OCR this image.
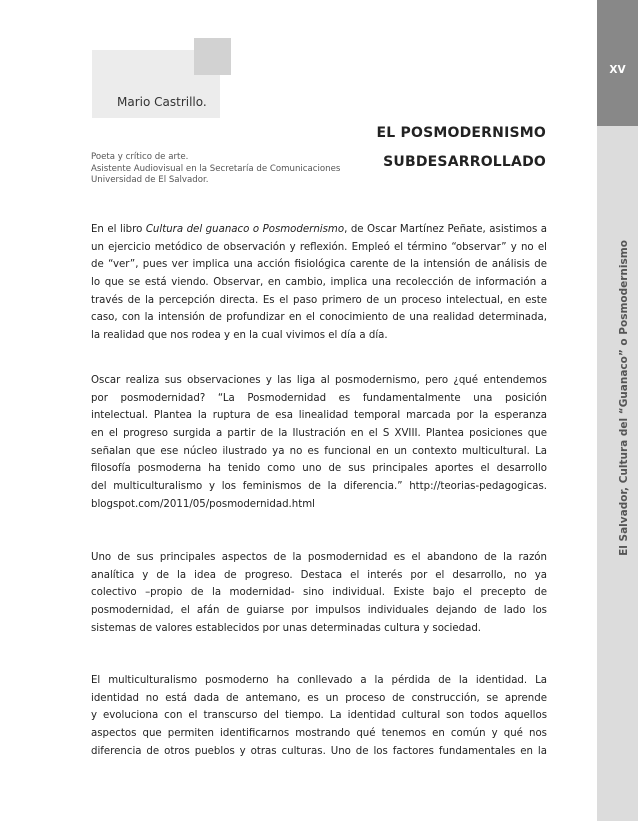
Mario Castrillo.
Poeta y crítico de arte.
Asistente Audiovisual en la Secretaría de Comunicaciones
Universidad de El Salvador.
EL POSMODERNISMO
SUBDESARROLLADO
XV
El Salvador, Cultura del “Guanaco” o Posmodernismo
En el libro Cultura del guanaco o Posmodernismo, de Oscar Martínez Peñate, asistimos a
un ejercicio metódico de observación y reflexión. Empleó el término “observar” y no el
de “ver”, pues ver implica una acción fisiológica carente de la intensión de análisis de
lo que se está viendo. Observar, en cambio, implica una recolección de información a
través de la percepción directa. Es el paso primero de un proceso intelectual, en este
caso, con la intensión de profundizar en el conocimiento de una realidad determinada,
la realidad que nos rodea y en la cual vivimos el día a día.
Oscar realiza sus observaciones y las liga al posmodernismo, pero ¿qué entendemos
por posmodernidad? “La Posmodernidad es fundamentalmente una posición
intelectual. Plantea la ruptura de esa linealidad temporal marcada por la esperanza
en el progreso surgida a partir de la Ilustración en el S XVIII. Plantea posiciones que
señalan que ese núcleo ilustrado ya no es funcional en un contexto multicultural. La
filosofía posmoderna ha tenido como uno de sus principales aportes el desarrollo
del multiculturalismo y los feminismos de la diferencia.” http://teorias-pedagogicas.
blogspot.com/2011/05/posmodernidad.html
Uno de sus principales aspectos de la posmodernidad es el abandono de la razón
analítica y de la idea de progreso. Destaca el interés por el desarrollo, no ya
colectivo –propio de la modernidad- sino individual. Existe bajo el precepto de
posmodernidad, el afán de guiarse por impulsos individuales dejando de lado los
sistemas de valores establecidos por unas determinadas cultura y sociedad.
El multiculturalismo posmoderno ha conllevado a la pérdida de la identidad. La
identidad no está dada de antemano, es un proceso de construcción, se aprende
y evoluciona con el transcurso del tiempo. La identidad cultural son todos aquellos
aspectos que permiten identificarnos mostrando qué tenemos en común y qué nos
diferencia de otros pueblos y otras culturas. Uno de los factores fundamentales en la
